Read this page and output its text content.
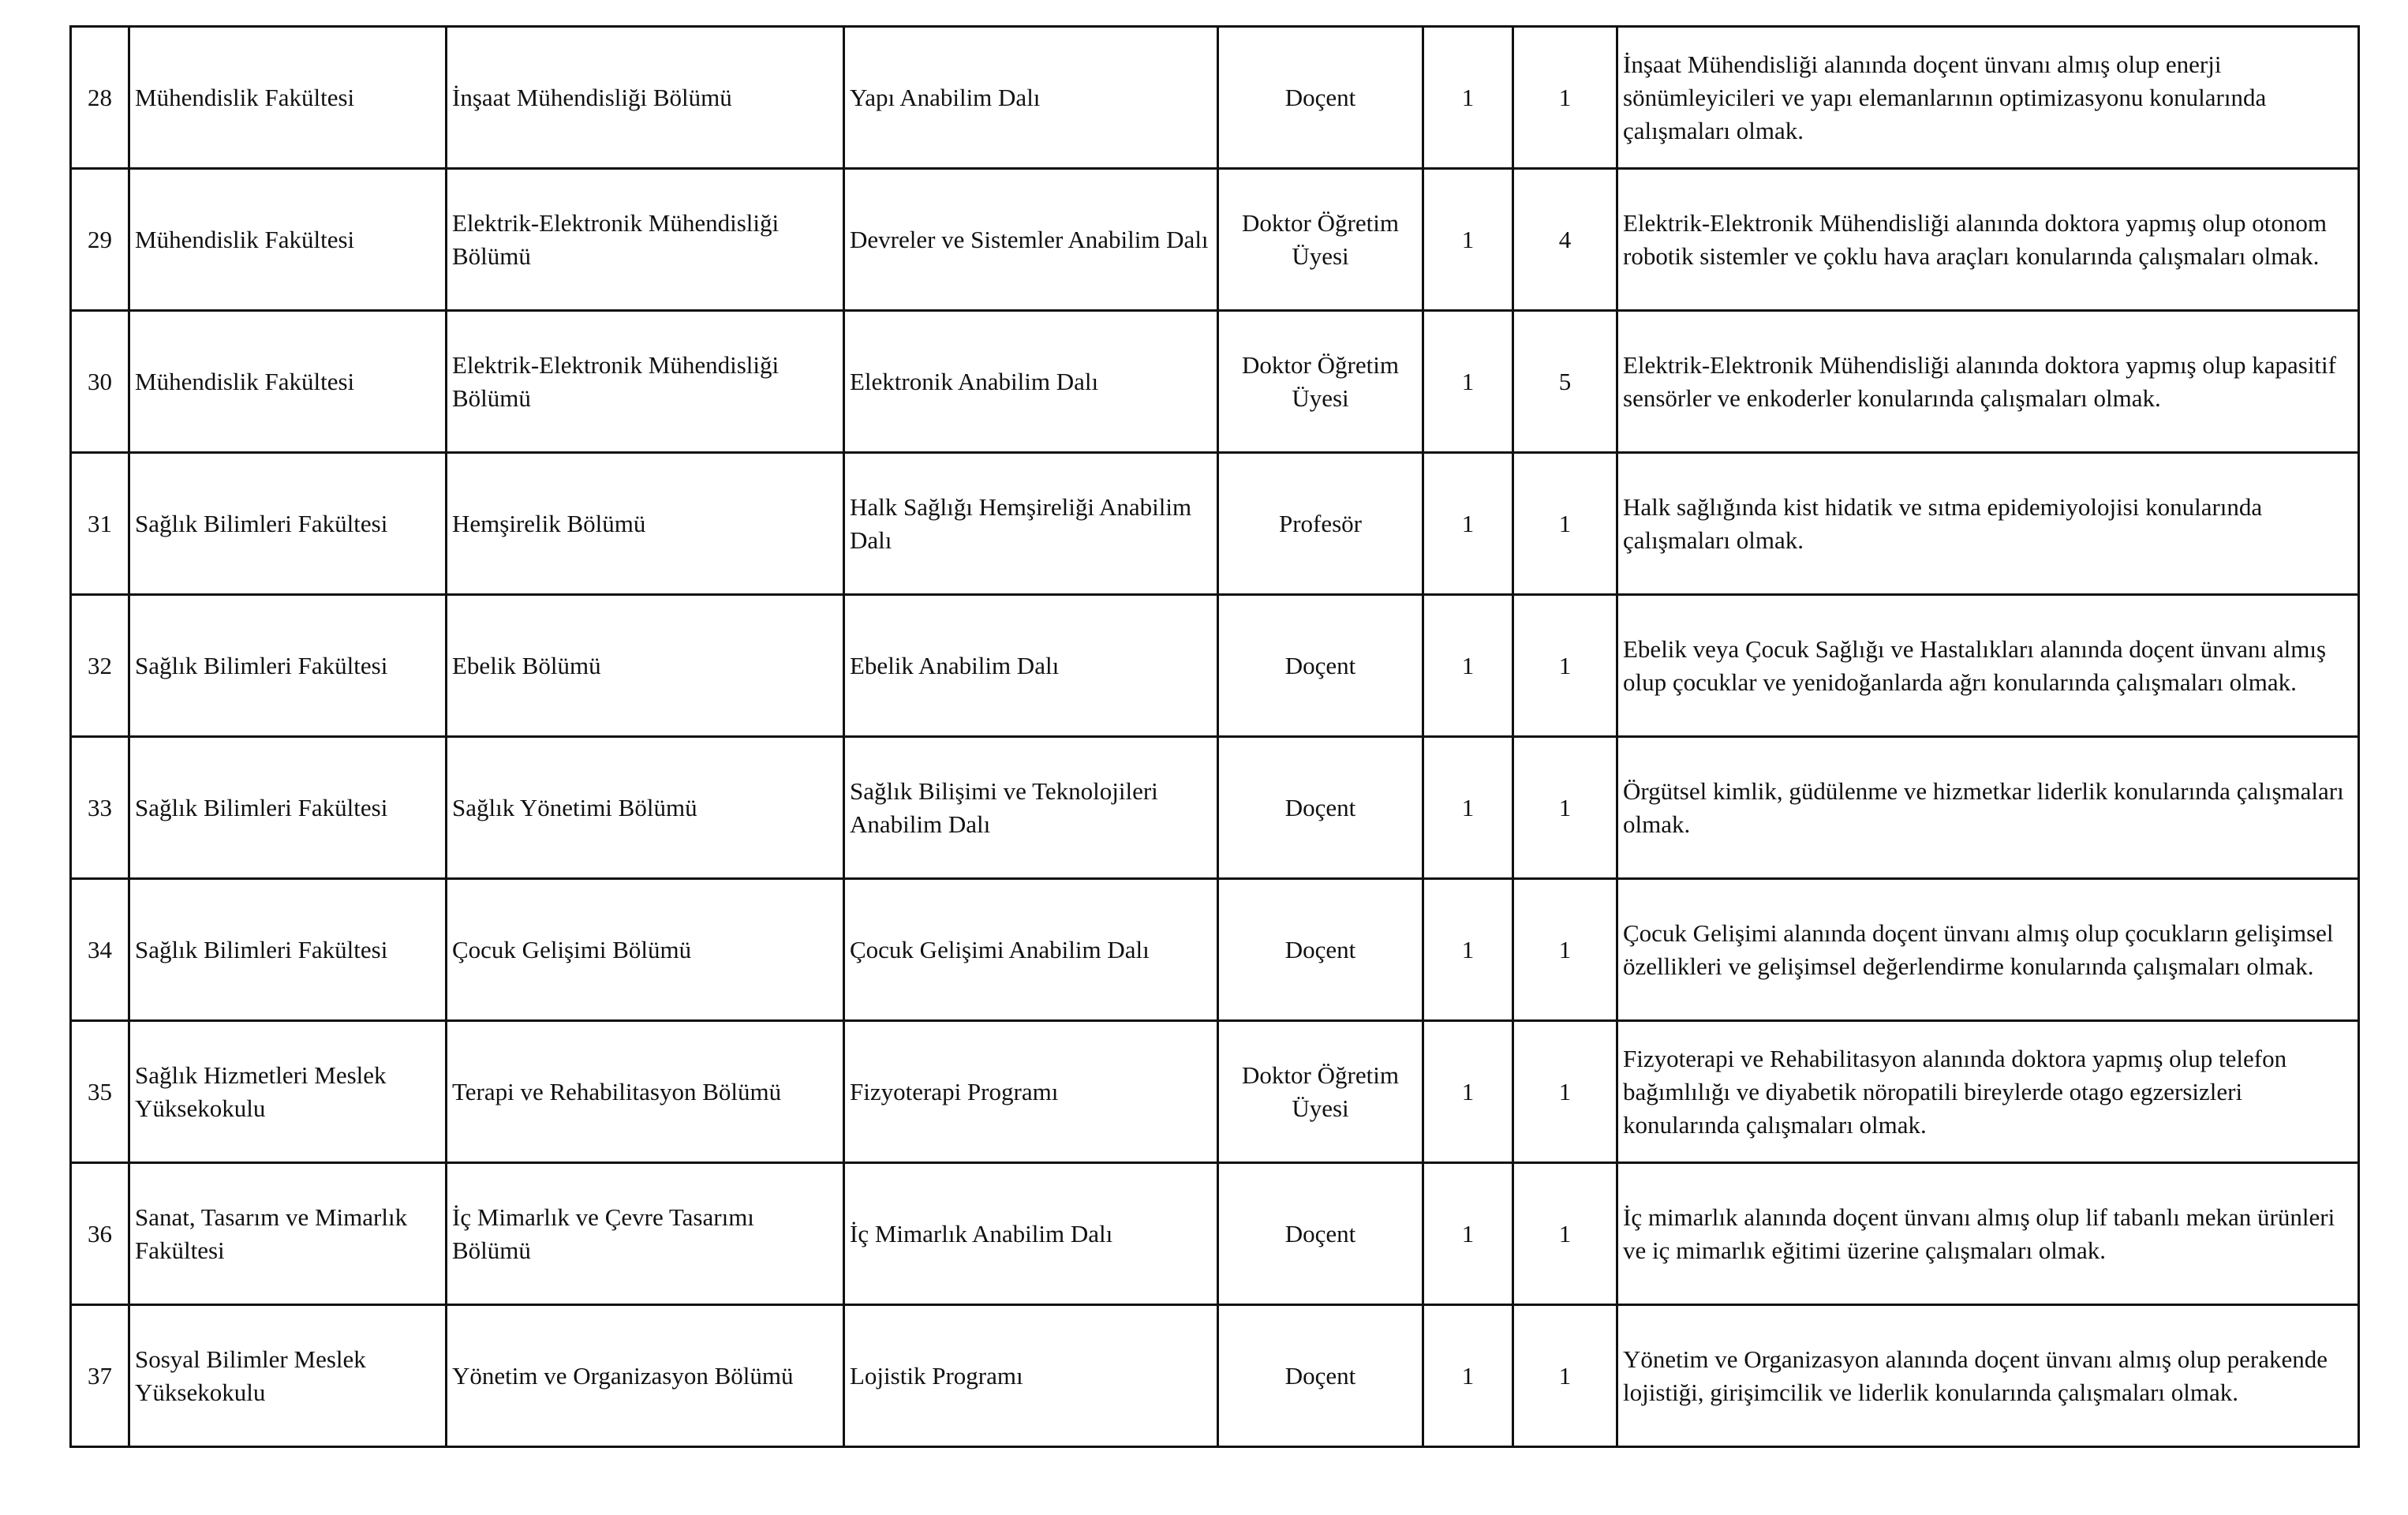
28	Mühendislik Fakültesi	İnşaat Mühendisliği Bölümü	Yapı Anabilim Dalı	Doçent	1	1	İnşaat Mühendisliği alanında doçent ünvanı almış olup enerji sönümleyicileri ve yapı elemanlarının optimizasyonu konularında çalışmaları olmak.
29	Mühendislik Fakültesi	Elektrik-Elektronik Mühendisliği Bölümü	Devreler ve Sistemler Anabilim Dalı	Doktor Öğretim Üyesi	1	4	Elektrik-Elektronik Mühendisliği alanında doktora yapmış olup otonom robotik sistemler ve çoklu hava araçları konularında çalışmaları olmak.
30	Mühendislik Fakültesi	Elektrik-Elektronik Mühendisliği Bölümü	Elektronik Anabilim Dalı	Doktor Öğretim Üyesi	1	5	Elektrik-Elektronik Mühendisliği alanında doktora yapmış olup kapasitif sensörler ve enkoderler konularında çalışmaları olmak.
31	Sağlık Bilimleri Fakültesi	Hemşirelik Bölümü	Halk Sağlığı Hemşireliği Anabilim Dalı	Profesör	1	1	Halk sağlığında kist hidatik ve sıtma epidemiyolojisi konularında çalışmaları olmak.
32	Sağlık Bilimleri Fakültesi	Ebelik Bölümü	Ebelik Anabilim Dalı	Doçent	1	1	Ebelik veya Çocuk Sağlığı ve Hastalıkları alanında doçent ünvanı almış olup çocuklar ve yenidoğanlarda ağrı konularında çalışmaları olmak.
33	Sağlık Bilimleri Fakültesi	Sağlık Yönetimi Bölümü	Sağlık Bilişimi ve Teknolojileri Anabilim Dalı	Doçent	1	1	Örgütsel kimlik, güdülenme ve hizmetkar liderlik konularında çalışmaları olmak.
34	Sağlık Bilimleri Fakültesi	Çocuk Gelişimi Bölümü	Çocuk Gelişimi Anabilim Dalı	Doçent	1	1	Çocuk Gelişimi alanında doçent ünvanı almış olup çocukların gelişimsel özellikleri ve gelişimsel değerlendirme konularında çalışmaları olmak.
35	Sağlık Hizmetleri Meslek Yüksekokulu	Terapi ve Rehabilitasyon Bölümü	Fizyoterapi Programı	Doktor Öğretim Üyesi	1	1	Fizyoterapi ve Rehabilitasyon alanında doktora yapmış olup telefon bağımlılığı ve diyabetik nöropatili bireylerde otago egzersizleri konularında çalışmaları olmak.
36	Sanat, Tasarım ve Mimarlık Fakültesi	İç Mimarlık ve Çevre Tasarımı Bölümü	İç Mimarlık Anabilim Dalı	Doçent	1	1	İç mimarlık alanında doçent ünvanı almış olup lif tabanlı mekan ürünleri ve iç mimarlık eğitimi üzerine çalışmaları olmak.
37	Sosyal Bilimler Meslek Yüksekokulu	Yönetim ve Organizasyon Bölümü	Lojistik Programı	Doçent	1	1	Yönetim ve Organizasyon alanında doçent ünvanı almış olup perakende lojistiği, girişimcilik ve liderlik konularında çalışmaları olmak.
